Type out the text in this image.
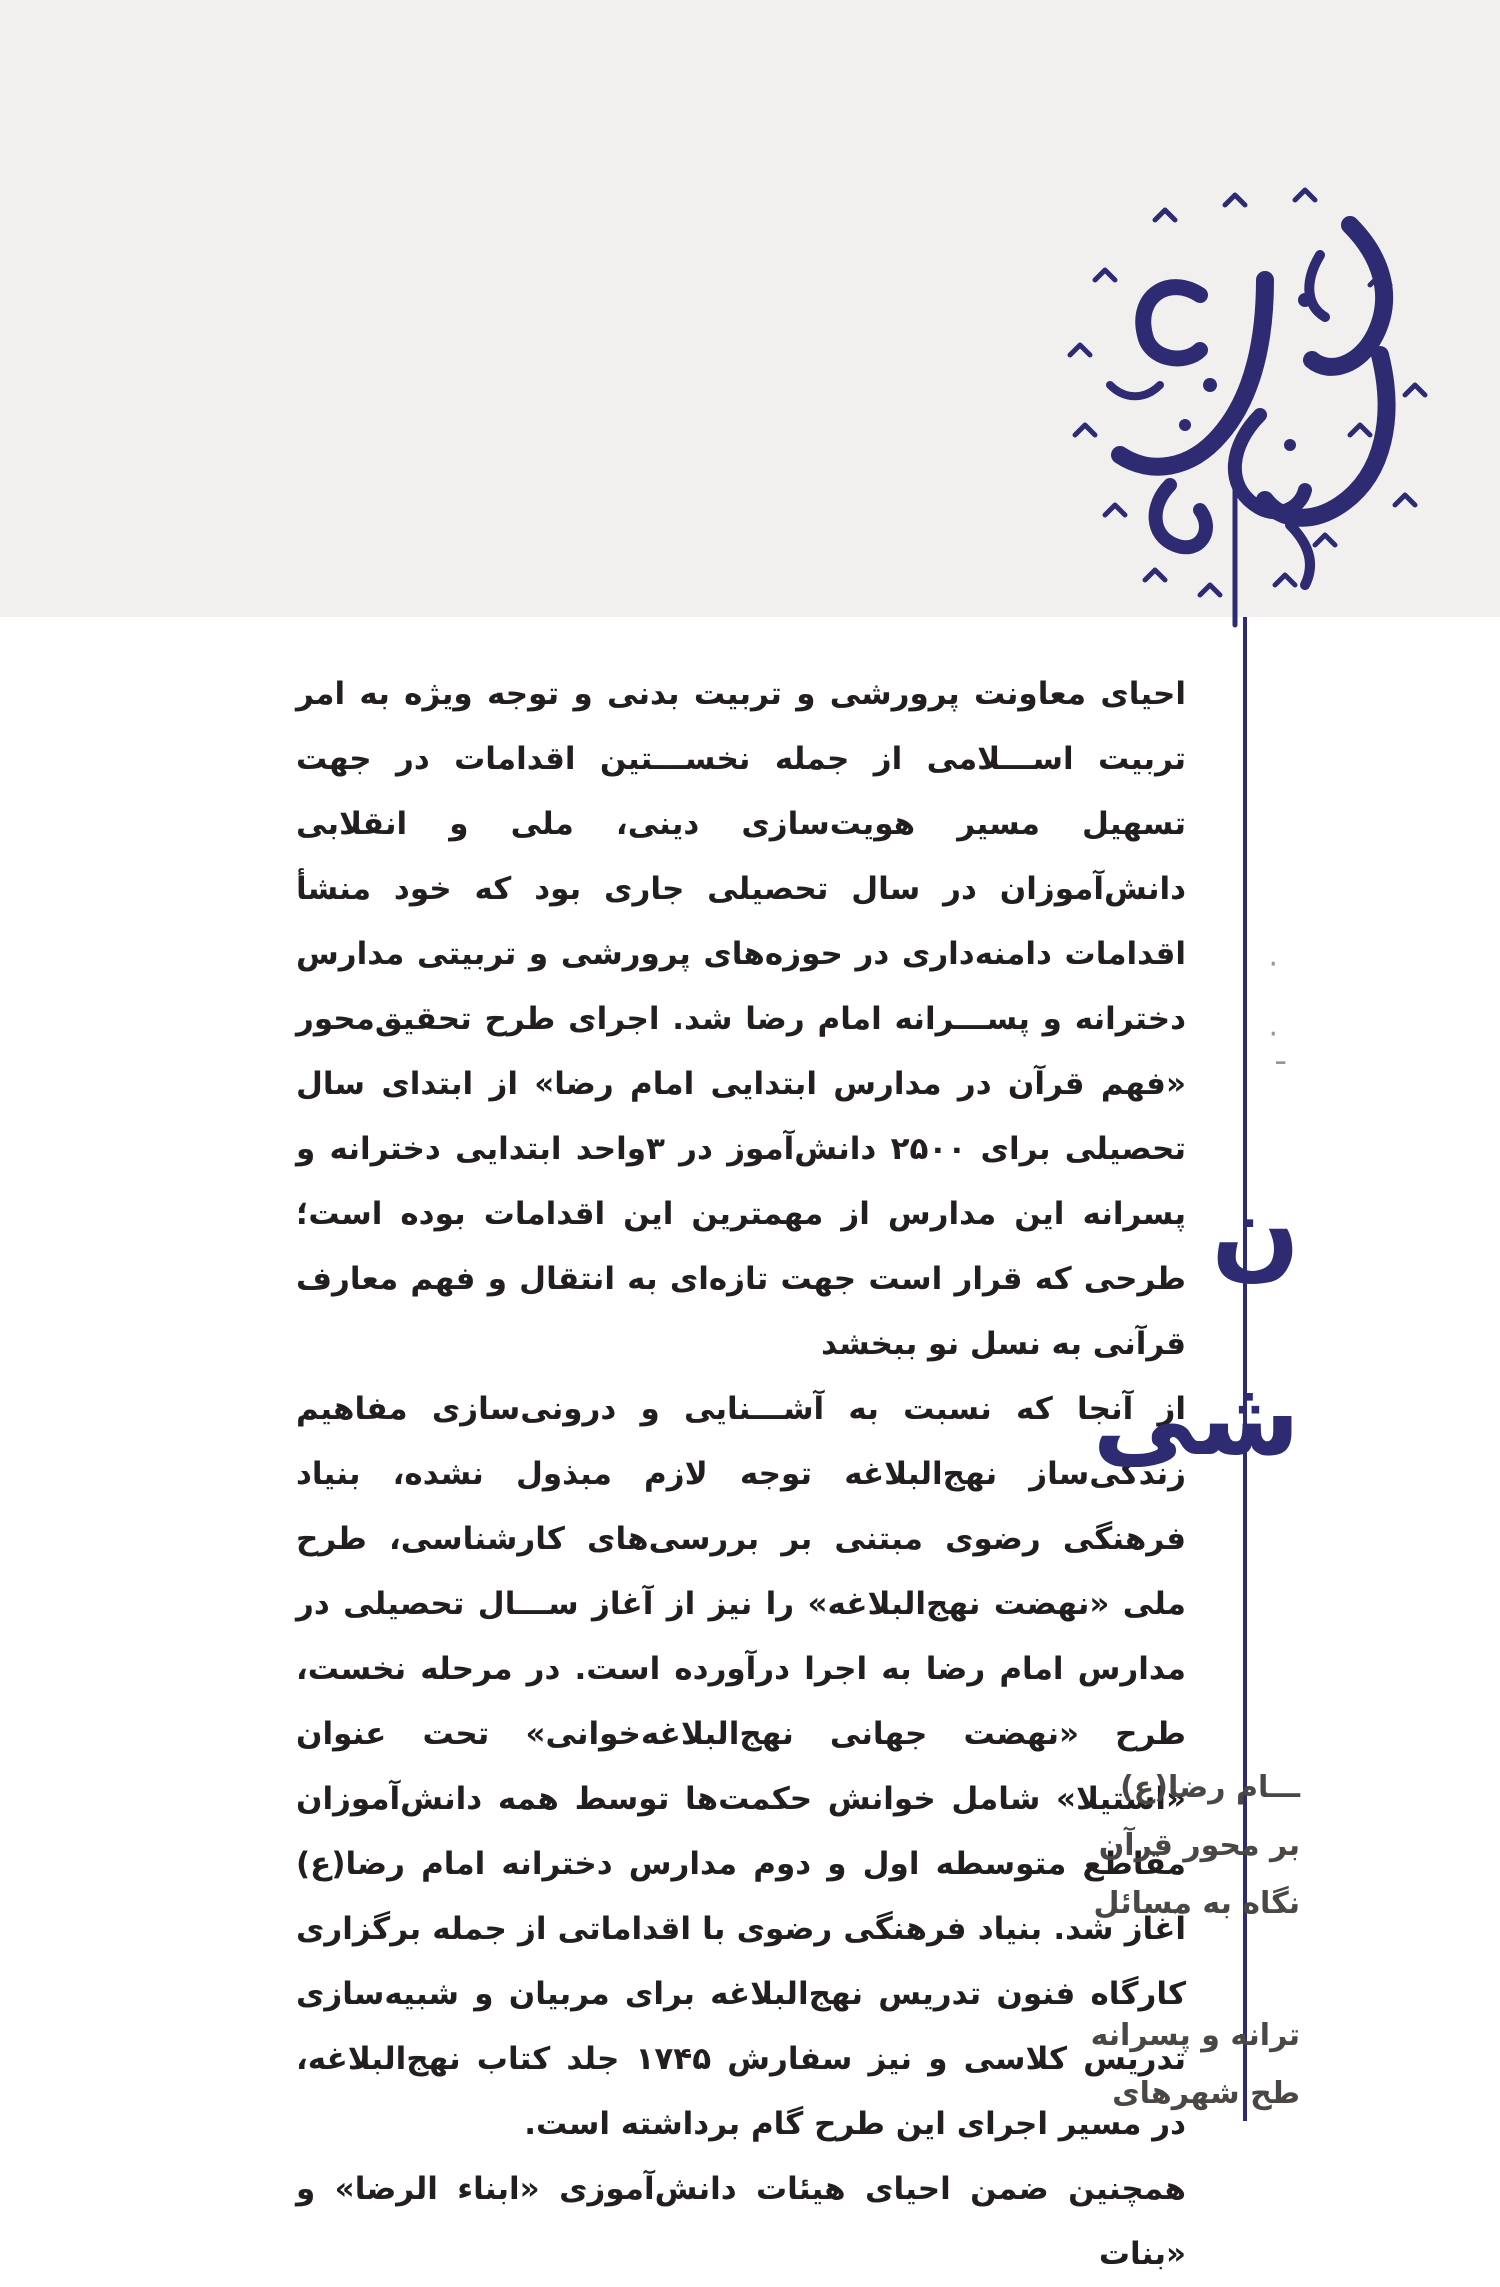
احیای معاونت پرورشی و تربیت بدنی و توجه ویژه به امر تربیت اســـلامی از جمله نخســـتین اقدامات در جهت تسهیل مسیر هویت‌سازی دینی، ملی و انقلابی دانش‌آموزان در سال تحصیلی جاری بود که خود منشأ اقدامات دامنه‌داری در حوزه‌های پرورشی و تربیتی مدارس دخترانه و پســـرانه امام رضا شد. اجرای طرح تحقیق‌محور «فهم قرآن در مدارس ابتدایی امام رضا» از ابتدای سال تحصیلی برای ۲۵۰۰ دانش‌آموز در ۳واحد ابتدایی دخترانه و پسرانه این مدارس از مهمترین این اقدامات بوده است؛ طرحی که قرار است جهت تازه‌ای به انتقال و فهم معارف قرآنی به نسل نو ببخشد

از آنجا که نسبت به آشـــنایی و درونی‌سازی مفاهیم زندگی‌ساز نهج‌البلاغه توجه لازم مبذول نشده، بنیاد فرهنگی رضوی مبتنی بر بررسی‌های کارشناسی، طرح ملی «نهضت نهج‌البلاغه» را نیز از آغاز ســـال تحصیلی در مدارس امام رضا به اجرا درآورده است. در مرحله نخست، طرح «نهضت جهانی نهج‌البلاغه‌خوانی» تحت عنوان «استیلا» شامل خوانش حکمت‌ها توسط همه دانش‌آموزان مقاطع متوسطه اول و دوم مدارس دخترانه امام رضا(ع) آغاز شد. بنیاد فرهنگی رضوی با اقداماتی از جمله برگزاری کارگاه فنون تدریس نهج‌البلاغه برای مربیان و شبیه‌سازی تدریس کلاسی و نیز سفارش ۱۷۴۵ جلد کتاب نهج‌البلاغه، در مسیر اجرای این طرح گام برداشته است.

همچنین ضمن احیای هیئات دانش‌آموزی «ابناء الرضا» و «بنات

·
·
ـ
ن
شی
ـــام رضا(ع)
بر محور قرآن
نگاه به مسائل
ترانه و پسرانه
طح شهرهای
